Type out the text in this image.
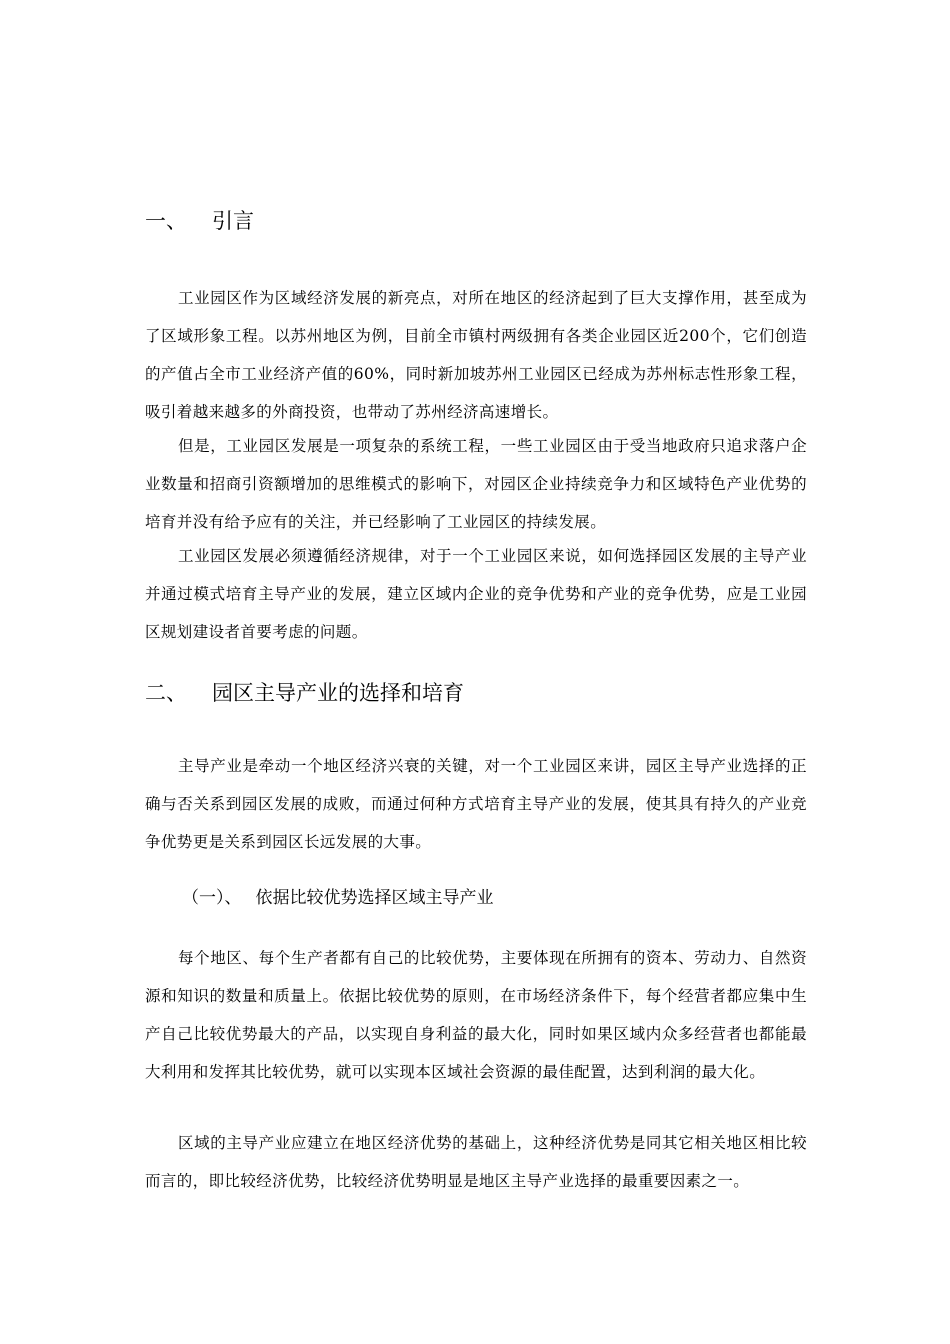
一、 引言

工业园区作为区域经济发展的新亮点，对所在地区的经济起到了巨大支撑作用，甚至成为了区域形象工程。以苏州地区为例，目前全市镇村两级拥有各类企业园区近200个，它们创造的产值占全市工业经济产值的60%，同时新加坡苏州工业园区已经成为苏州标志性形象工程，吸引着越来越多的外商投资，也带动了苏州经济高速增长。

但是，工业园区发展是一项复杂的系统工程，一些工业园区由于受当地政府只追求落户企业数量和招商引资额增加的思维模式的影响下，对园区企业持续竞争力和区域特色产业优势的培育并没有给予应有的关注，并已经影响了工业园区的持续发展。

工业园区发展必须遵循经济规律，对于一个工业园区来说，如何选择园区发展的主导产业并通过模式培育主导产业的发展，建立区域内企业的竞争优势和产业的竞争优势，应是工业园区规划建设者首要考虑的问题。

二、 园区主导产业的选择和培育

主导产业是牵动一个地区经济兴衰的关键，对一个工业园区来讲，园区主导产业选择的正确与否关系到园区发展的成败，而通过何种方式培育主导产业的发展，使其具有持久的产业竞争优势更是关系到园区长远发展的大事。

（一）、 依据比较优势选择区域主导产业

每个地区、每个生产者都有自己的比较优势，主要体现在所拥有的资本、劳动力、自然资源和知识的数量和质量上。依据比较优势的原则，在市场经济条件下，每个经营者都应集中生产自己比较优势最大的产品，以实现自身利益的最大化，同时如果区域内众多经营者也都能最大利用和发挥其比较优势，就可以实现本区域社会资源的最佳配置，达到利润的最大化。

区域的主导产业应建立在地区经济优势的基础上，这种经济优势是同其它相关地区相比较而言的，即比较经济优势，比较经济优势明显是地区主导产业选择的最重要因素之一。
